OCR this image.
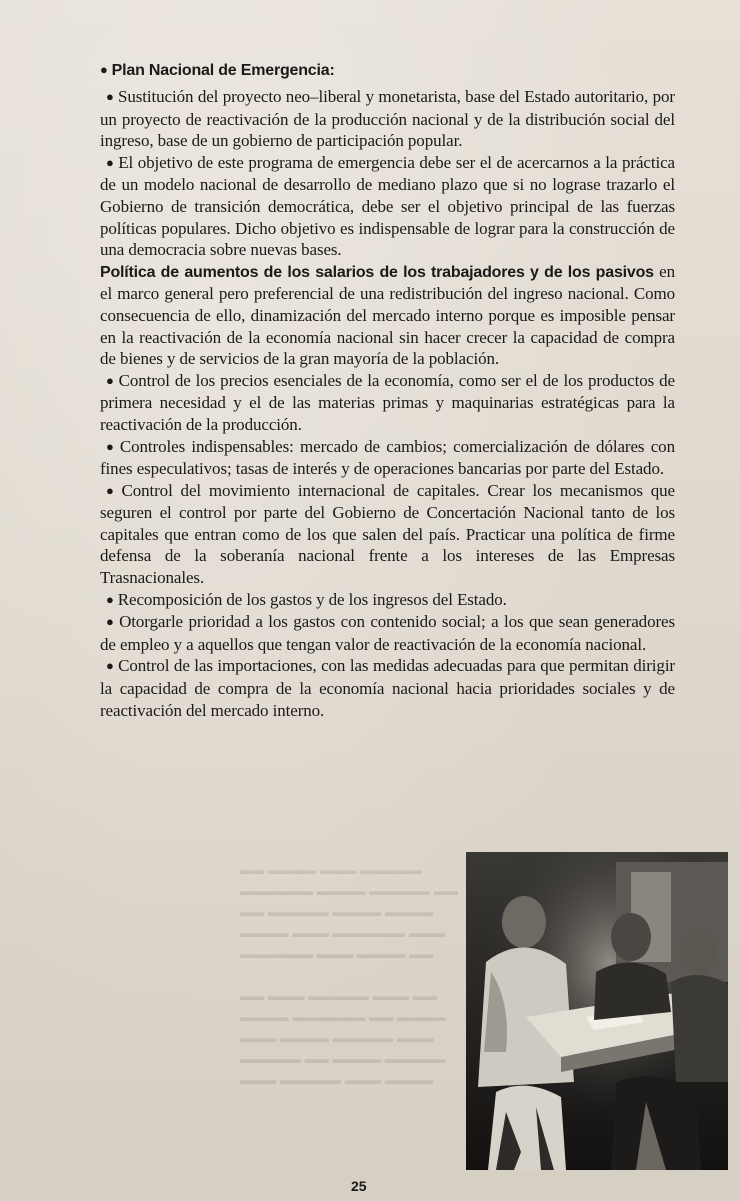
▬▬ ▬▬▬▬ ▬▬▬ ▬▬▬▬▬
▬▬▬▬▬▬ ▬▬▬▬ ▬▬▬▬▬ ▬▬
▬▬ ▬▬▬▬▬ ▬▬▬▬ ▬▬▬▬
▬▬▬▬ ▬▬▬ ▬▬▬▬▬▬ ▬▬▬
▬▬▬▬▬▬ ▬▬▬ ▬▬▬▬ ▬▬

▬▬ ▬▬▬ ▬▬▬▬▬ ▬▬▬ ▬▬
▬▬▬▬ ▬▬▬▬▬▬ ▬▬ ▬▬▬▬
▬▬▬ ▬▬▬▬ ▬▬▬▬▬ ▬▬▬
▬▬▬▬▬ ▬▬ ▬▬▬▬ ▬▬▬▬▬
▬▬▬ ▬▬▬▬▬ ▬▬▬ ▬▬▬▬
● Plan Nacional de Emergencia:

● Sustitución del proyecto neo–liberal y monetarista, base del Estado autoritario, por un proyecto de reactivación de la producción nacional y de la distribución social del ingreso, base de un gobierno de participación popular.

● El objetivo de este programa de emergencia debe ser el de acercarnos a la práctica de un modelo nacional de desarrollo de mediano plazo que si no lograse trazarlo el Gobierno de transición democrática, debe ser el objetivo principal de las fuerzas políticas populares. Dicho objetivo es indispensable de lograr para la construcción de una democracia sobre nuevas bases.

Política de aumentos de los salarios de los trabajadores y de los pasivos en el marco general pero preferencial de una redistribución del ingreso nacional. Como consecuencia de ello, dinamización del mercado interno porque es imposible pensar en la reactivación de la economía nacional sin hacer crecer la capacidad de compra de bienes y de servicios de la gran mayoría de la población.

● Control de los precios esenciales de la economía, como ser el de los productos de primera necesidad y el de las materias primas y maquinarias estratégicas para la reactivación de la producción.

● Controles indispensables: mercado de cambios; comercialización de dólares con fines especulativos; tasas de interés y de operaciones bancarias por parte del Estado.

● Control del movimiento internacional de capitales. Crear los mecanismos que seguren el control por parte del Gobierno de Concertación Nacional tanto de los capitales que entran como de los que salen del país. Practicar una política de firme defensa de la soberanía nacional frente a los intereses de las Empresas Trasnacionales.

● Recomposición de los gastos y de los ingresos del Estado.

● Otorgarle prioridad a los gastos con contenido social; a los que sean generadores de empleo y a aquellos que tengan valor de reactivación de la economía nacional.

● Control de las importaciones, con las medidas adecuadas para que permitan dirigir la capacidad de compra de la economía nacional hacia prioridades sociales y de reactivación del mercado interno.

25
